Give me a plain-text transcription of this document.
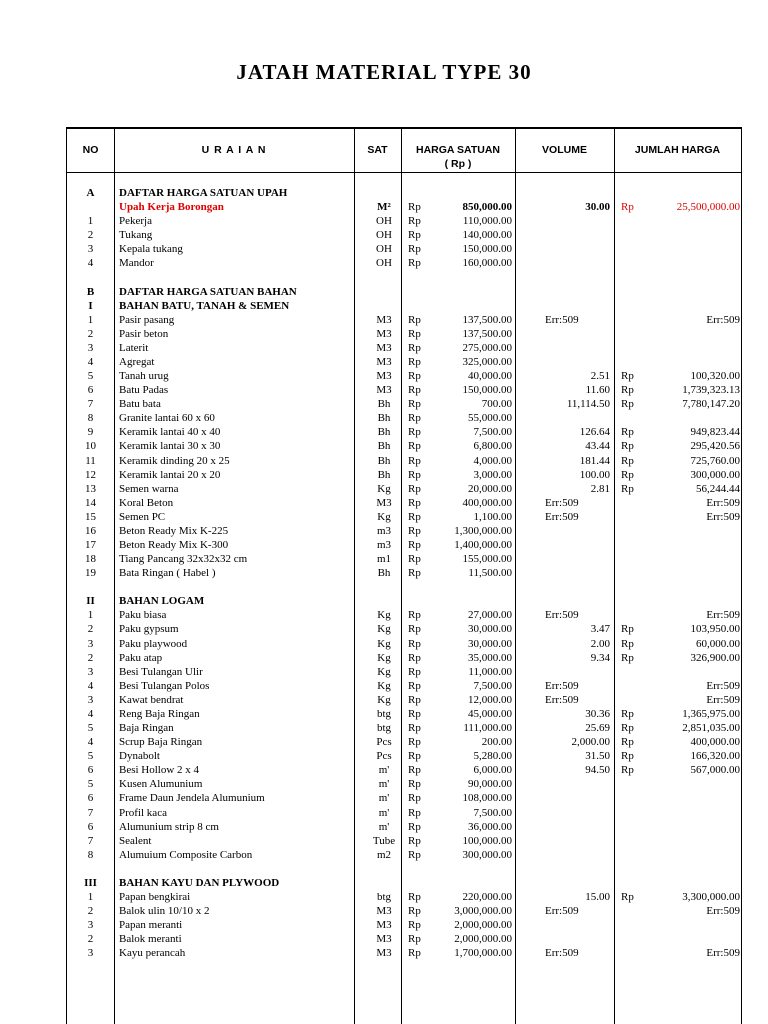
JATAH MATERIAL TYPE 30
NO	U R A I A N	SAT	HARGA SATUAN
( Rp )
VOLUME	JUMLAH HARGA
A	DAFTAR HARGA SATUAN UPAH
Upah Kerja Borongan	M²	Rp	850,000.00	30.00 Rp	25,500,000.00
1	Pekerja	OH	Rp	110,000.00
2	Tukang	OH	Rp	140,000.00
3	Kepala tukang	OH	Rp	150,000.00
4	Mandor	OH	Rp	160,000.00
B	DAFTAR HARGA SATUAN BAHAN
I	BAHAN BATU, TANAH & SEMEN
1	Pasir pasang	M3	Rp	137,500.00	Err:509	Err:509
2	Pasir beton	M3	Rp	137,500.00
3	Laterit	M3	Rp	275,000.00
4	Agregat	M3	Rp	325,000.00
5	Tanah urug	M3	Rp	40,000.00	2.51 Rp	100,320.00
6	Batu Padas	M3	Rp	150,000.00	11.60 Rp	1,739,323.13
7	Batu bata	Bh	Rp	700.00	11,114.50 Rp	7,780,147.20
8	Granite lantai 60 x 60	Bh	Rp	55,000.00
9	Keramik lantai 40 x 40	Bh	Rp	7,500.00	126.64 Rp	949,823.44
10	Keramik lantai 30 x 30	Bh	Rp	6,800.00	43.44 Rp	295,420.56
11	Keramik dinding 20 x 25	Bh	Rp	4,000.00	181.44 Rp	725,760.00
12	Keramik lantai 20 x 20	Bh	Rp	3,000.00	100.00 Rp	300,000.00
13	Semen warna	Kg	Rp	20,000.00	2.81 Rp	56,244.44
14	Koral Beton	M3	Rp	400,000.00	Err:509	Err:509
15	Semen PC	Kg	Rp	1,100.00	Err:509	Err:509
16	Beton Ready Mix K-225	m3	Rp	1,300,000.00
17	Beton Ready Mix K-300	m3	Rp	1,400,000.00
18	Tiang Pancang 32x32x32 cm	m1	Rp	155,000.00
19	Bata Ringan ( Habel )	Bh	Rp	11,500.00
II	BAHAN LOGAM
1	Paku biasa	Kg	Rp	27,000.00	Err:509	Err:509
2	Paku gypsum	Kg	Rp	30,000.00	3.47 Rp	103,950.00
3	Paku playwood	Kg	Rp	30,000.00	2.00 Rp	60,000.00
2	Paku atap	Kg	Rp	35,000.00	9.34 Rp	326,900.00
3	Besi Tulangan Ulir	Kg	Rp	11,000.00
4	Besi Tulangan Polos	Kg	Rp	7,500.00	Err:509	Err:509
3	Kawat bendrat	Kg	Rp	12,000.00	Err:509	Err:509
4	Reng Baja Ringan	btg	Rp	45,000.00	30.36 Rp	1,365,975.00
5	Baja Ringan	btg	Rp	111,000.00	25.69 Rp	2,851,035.00
4	Scrup Baja Ringan	Pcs	Rp	200.00	2,000.00 Rp	400,000.00
5	Dynabolt	Pcs	Rp	5,280.00	31.50 Rp	166,320.00
6	Besi Hollow 2 x 4	m'	Rp	6,000.00	94.50 Rp	567,000.00
5	Kusen Alumunium	m'	Rp	90,000.00
6	Frame Daun Jendela Alumunium	m'	Rp	108,000.00
7	Profil kaca	m'	Rp	7,500.00
6	Alumunium strip 8 cm	m'	Rp	36,000.00
7	Sealent	Tube	Rp	100,000.00
8	Alumuium Composite Carbon	m2	Rp	300,000.00
III	BAHAN KAYU DAN PLYWOOD
1	Papan bengkirai	btg	Rp	220,000.00	15.00 Rp	3,300,000.00
2	Balok ulin 10/10 x 2	M3	Rp	3,000,000.00	Err:509	Err:509
3	Papan meranti	M3	Rp	2,000,000.00
2	Balok meranti	M3	Rp	2,000,000.00
3	Kayu perancah	M3	Rp	1,700,000.00	Err:509	Err:509
